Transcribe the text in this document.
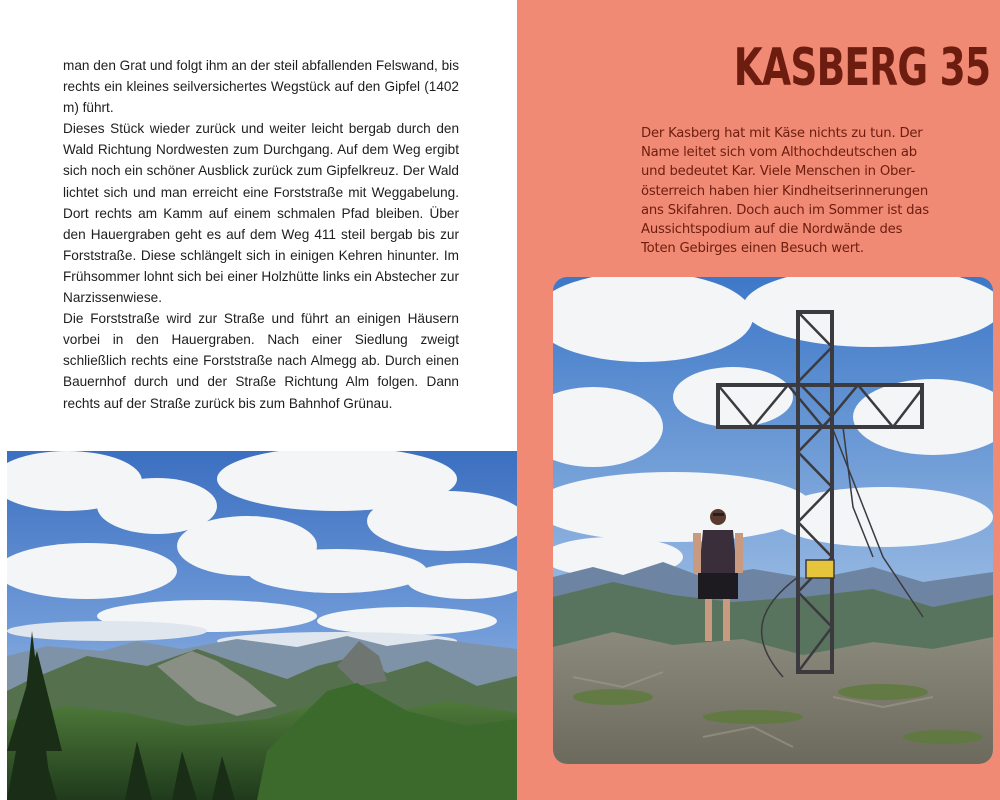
man den Grat und folgt ihm an der steil abfallenden Felswand, bis rechts ein kleines seilversichertes Wegstück auf den Gipfel (1402 m) führt.

Dieses Stück wieder zurück und weiter leicht bergab durch den Wald Richtung Nordwesten zum Durchgang. Auf dem Weg ergibt sich noch ein schöner Ausblick zurück zum Gipfelkreuz. Der Wald lichtet sich und man erreicht eine Forststraße mit Weggabelung. Dort rechts am Kamm auf einem schmalen Pfad bleiben. Über den Hauergraben geht es auf dem Weg 411 steil bergab bis zur Forststraße. Diese schlängelt sich in einigen Kehren hinunter. Im Frühsommer lohnt sich bei einer Holzhütte links ein Abstecher zur Narzissenwiese.

Die Forststraße wird zur Straße und führt an einigen Häusern vorbei in den Hauergraben. Nach einer Siedlung zweigt schließlich rechts eine Forststraße nach Almegg ab. Durch einen Bauernhof durch und der Straße Richtung Alm folgen. Dann rechts auf der Straße zurück bis zum Bahnhof Grünau.

KASBERG 35
Der Kasberg hat mit Käse nichts zu tun. Der
Name leitet sich vom Althochdeutschen ab
und bedeutet Kar. Viele Menschen in Ober-
österreich haben hier Kindheitserinnerungen
ans Skifahren. Doch auch im Sommer ist das
Aussichtspodium auf die Nordwände des
Toten Gebirges einen Besuch wert.
